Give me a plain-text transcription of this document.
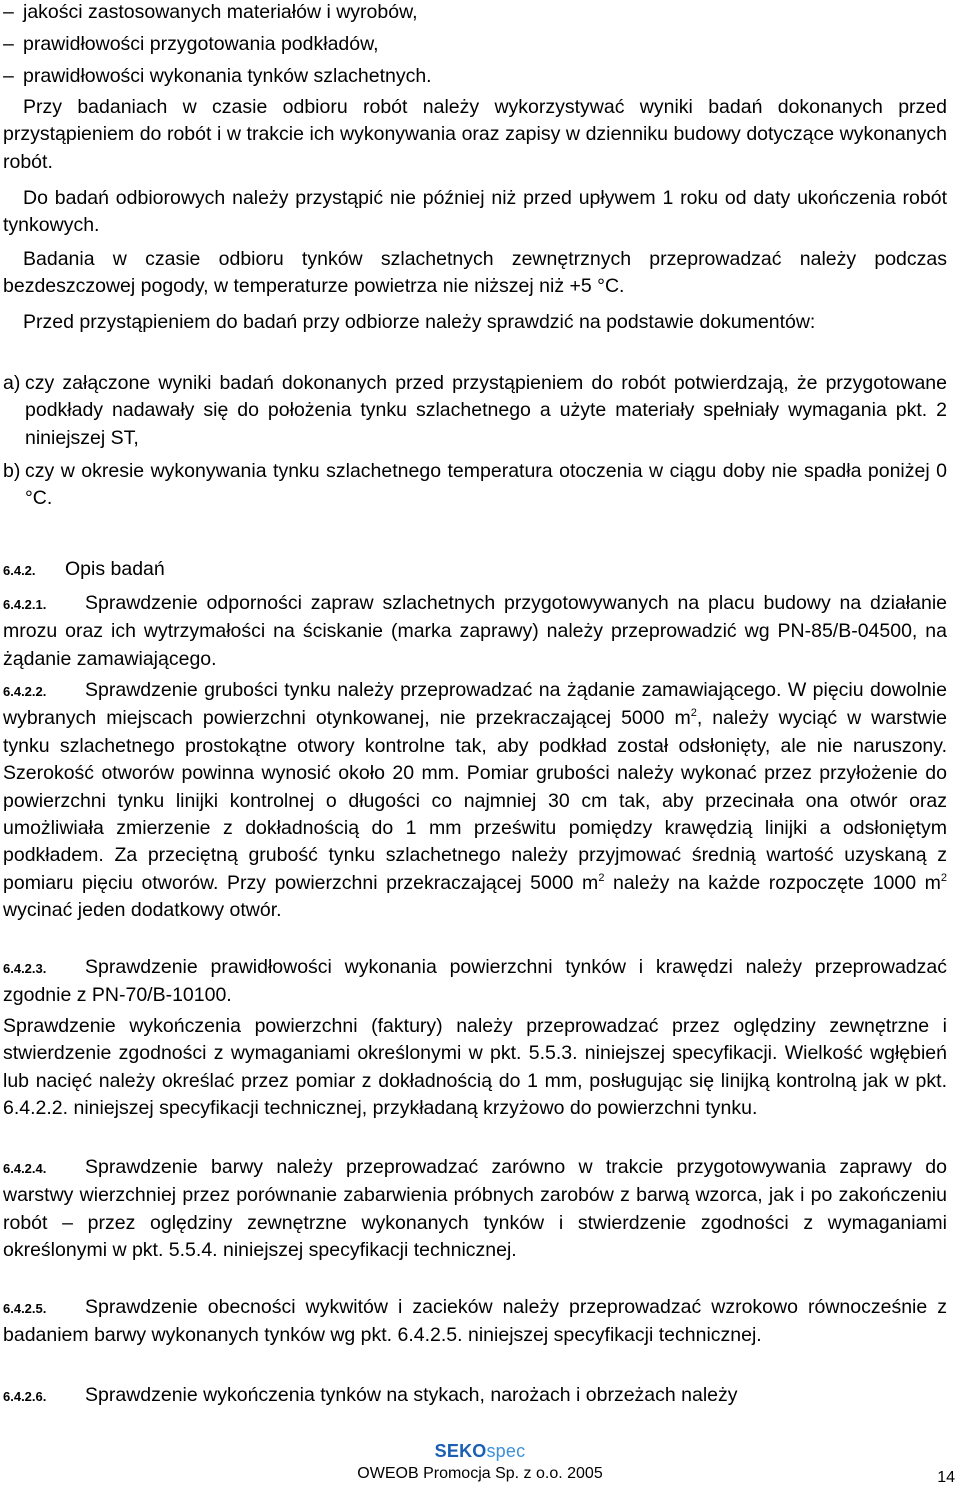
– jakości zastosowanych materiałów i wyrobów,
– prawidłowości przygotowania podkładów,
– prawidłowości wykonania tynków szlachetnych.

Przy badaniach w czasie odbioru robót należy wykorzystywać wyniki badań dokonanych przed przystąpieniem do robót i w trakcie ich wykonywania oraz zapisy w dzienniku budowy dotyczące wykonanych robót.

Do badań odbiorowych należy przystąpić nie później niż przed upływem 1 roku od daty ukończenia robót tynkowych.

Badania w czasie odbioru tynków szlachetnych zewnętrznych przeprowadzać należy podczas bezdeszczowej pogody, w temperaturze powietrza nie niższej niż +5 °C.

Przed przystąpieniem do badań przy odbiorze należy sprawdzić na podstawie dokumentów:

a) czy załączone wyniki badań dokonanych przed przystąpieniem do robót potwierdzają, że przygotowane podkłady nadawały się do położenia tynku szlachetnego a użyte materiały spełniały wymagania pkt. 2 niniejszej ST,
b) czy w okresie wykonywania tynku szlachetnego temperatura otoczenia w ciągu doby nie spadła poniżej 0 °C.
6.4.2. Opis badań

6.4.2.1. Sprawdzenie odporności zapraw szlachetnych przygotowywanych na placu budowy na działanie mrozu oraz ich wytrzymałości na ściskanie (marka zaprawy) należy przeprowadzić wg PN-85/B-04500, na żądanie zamawiającego.

6.4.2.2. Sprawdzenie grubości tynku należy przeprowadzać na żądanie zamawiającego. W pięciu dowolnie wybranych miejscach powierzchni otynkowanej, nie przekraczającej 5000 $m^2$, należy wyciąć w warstwie tynku szlachetnego prostokątne otwory kontrolne tak, aby podkład został odsłonięty, ale nie naruszony. Szerokość otworów powinna wynosić około 20 mm. Pomiar grubości należy wykonać przez przyłożenie do powierzchni tynku linijki kontrolnej o długości co najmniej 30 cm tak, aby przecinała ona otwór oraz umożliwiała zmierzenie z dokładnością do 1 mm prześwitu pomiędzy krawędzią linijki a odsłoniętym podkładem. Za przeciętną grubość tynku szlachetnego należy przyjmować średnią wartość uzyskaną z pomiaru pięciu otworów. Przy powierzchni przekraczającej 5000 $m^2$ należy na każde rozpoczęte 1000 $m^2$ wycinać jeden dodatkowy otwór.

6.4.2.3. Sprawdzenie prawidłowości wykonania powierzchni tynków i krawędzi należy przeprowadzać zgodnie z PN-70/B-10100.

Sprawdzenie wykończenia powierzchni (faktury) należy przeprowadzać przez oględziny zewnętrzne i stwierdzenie zgodności z wymaganiami określonymi w pkt. 5.5.3. niniejszej specyfikacji. Wielkość wgłębień lub nacięć należy określać przez pomiar z dokładnością do 1 mm, posługując się linijką kontrolną jak w pkt. 6.4.2.2. niniejszej specyfikacji technicznej, przykładaną krzyżowo do powierzchni tynku.

6.4.2.4. Sprawdzenie barwy należy przeprowadzać zarówno w trakcie przygotowywania zaprawy do warstwy wierzchniej przez porównanie zabarwienia próbnych zarobów z barwą wzorca, jak i po zakończeniu robót – przez oględziny zewnętrzne wykonanych tynków i stwierdzenie zgodności z wymaganiami określonymi w pkt. 5.5.4. niniejszej specyfikacji technicznej.

6.4.2.5. Sprawdzenie obecności wykwitów i zacieków należy przeprowadzać wzrokowo równocześnie z badaniem barwy wykonanych tynków wg pkt. 6.4.2.5. niniejszej specyfikacji technicznej.

6.4.2.6. Sprawdzenie wykończenia tynków na stykach, narożach i obrzeżach należy

SEKOspec
OWEOB Promocja Sp. z o.o. 2005	14
